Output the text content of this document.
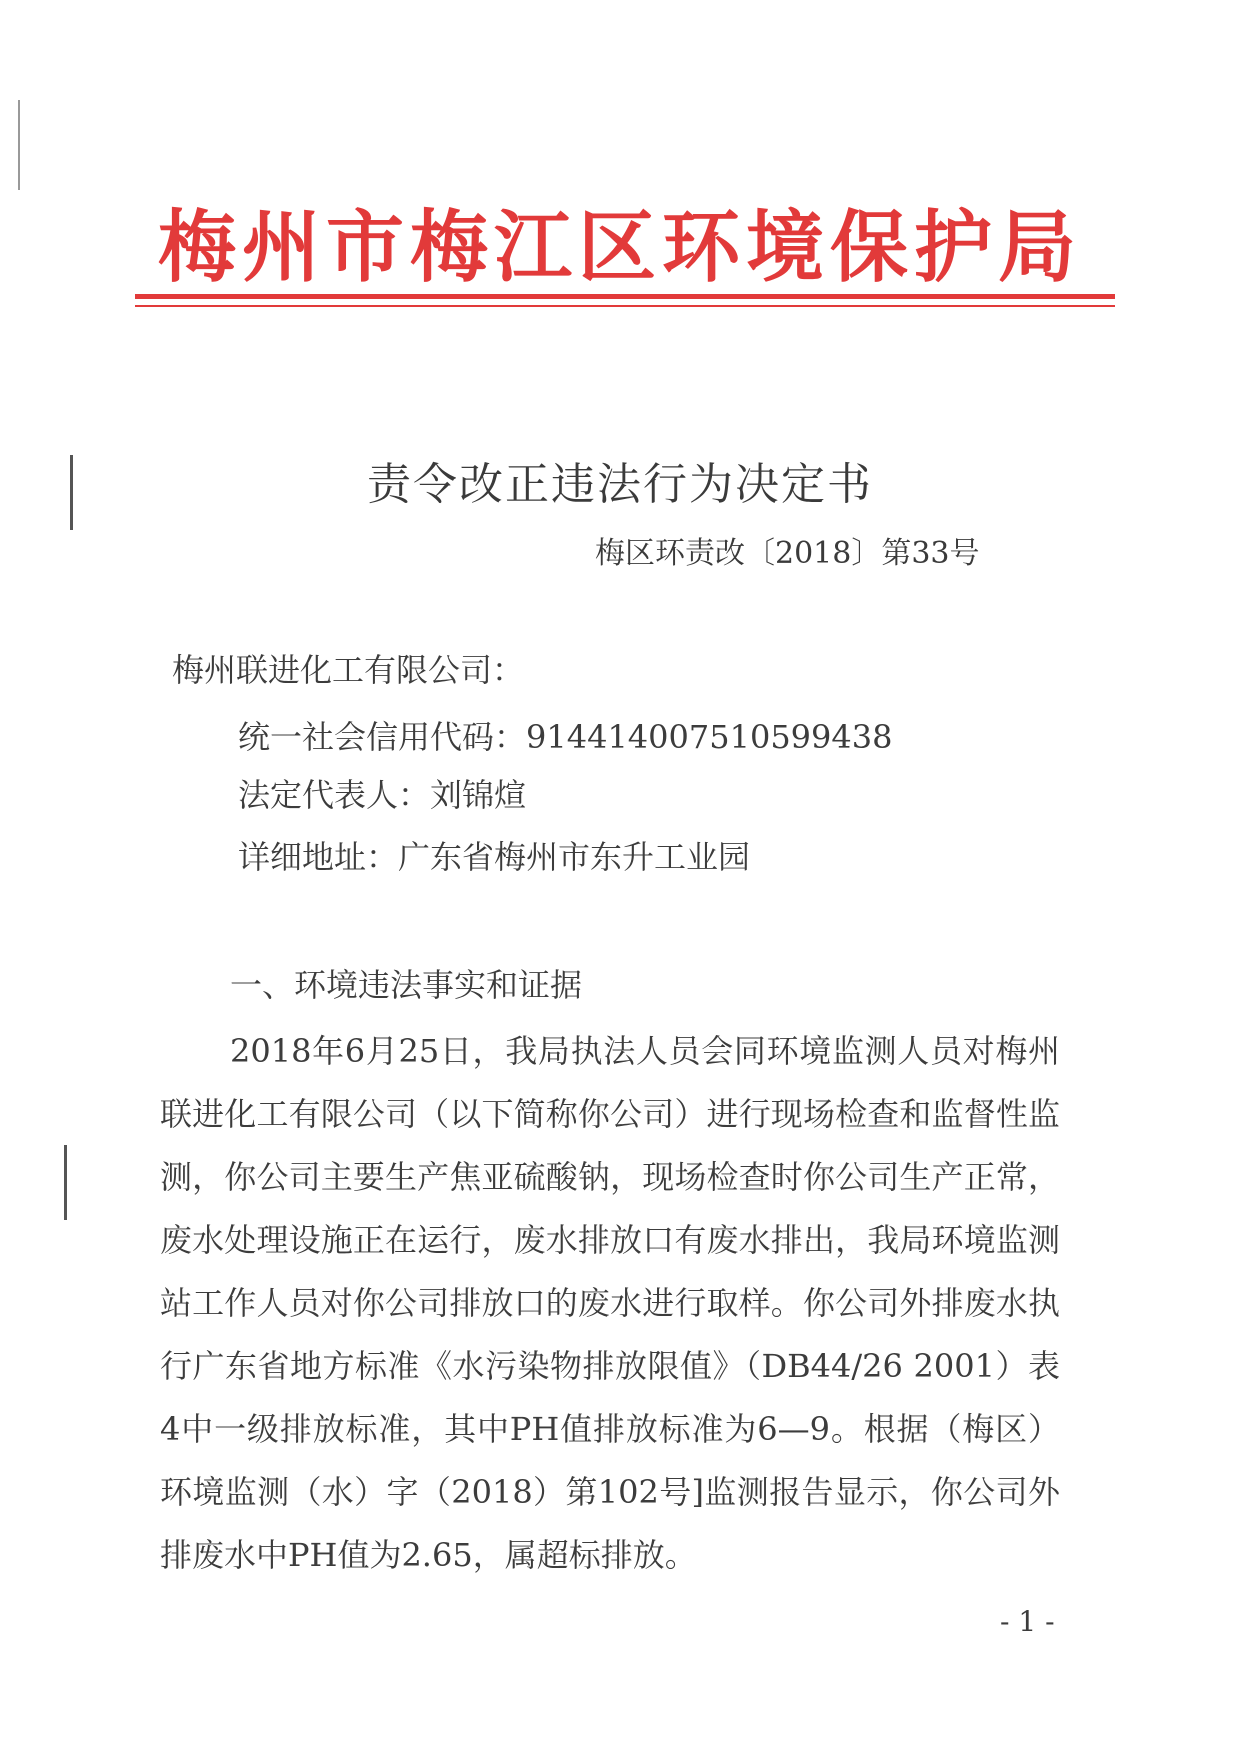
梅州市梅江区环境保护局
责令改正违法行为决定书
梅区环责改〔2018〕第33号
梅州联进化工有限公司：
统一社会信用代码：914414007510599438
法定代表人：刘锦煊
详细地址：广东省梅州市东升工业园
一、环境违法事实和证据
2018年6月25日，我局执法人员会同环境监测人员对梅州联进化工有限公司（以下简称你公司）进行现场检查和监督性监测，你公司主要生产焦亚硫酸钠，现场检查时你公司生产正常，废水处理设施正在运行，废水排放口有废水排出，我局环境监测站工作人员对你公司排放口的废水进行取样。你公司外排废水执行广东省地方标准《水污染物排放限值》（DB44/26 2001）表4中一级排放标准，其中PH值排放标准为6—9。根据（梅区）环境监测（水）字（2018）第102号]监测报告显示，你公司外排废水中PH值为2.65，属超标排放。
- 1 -
